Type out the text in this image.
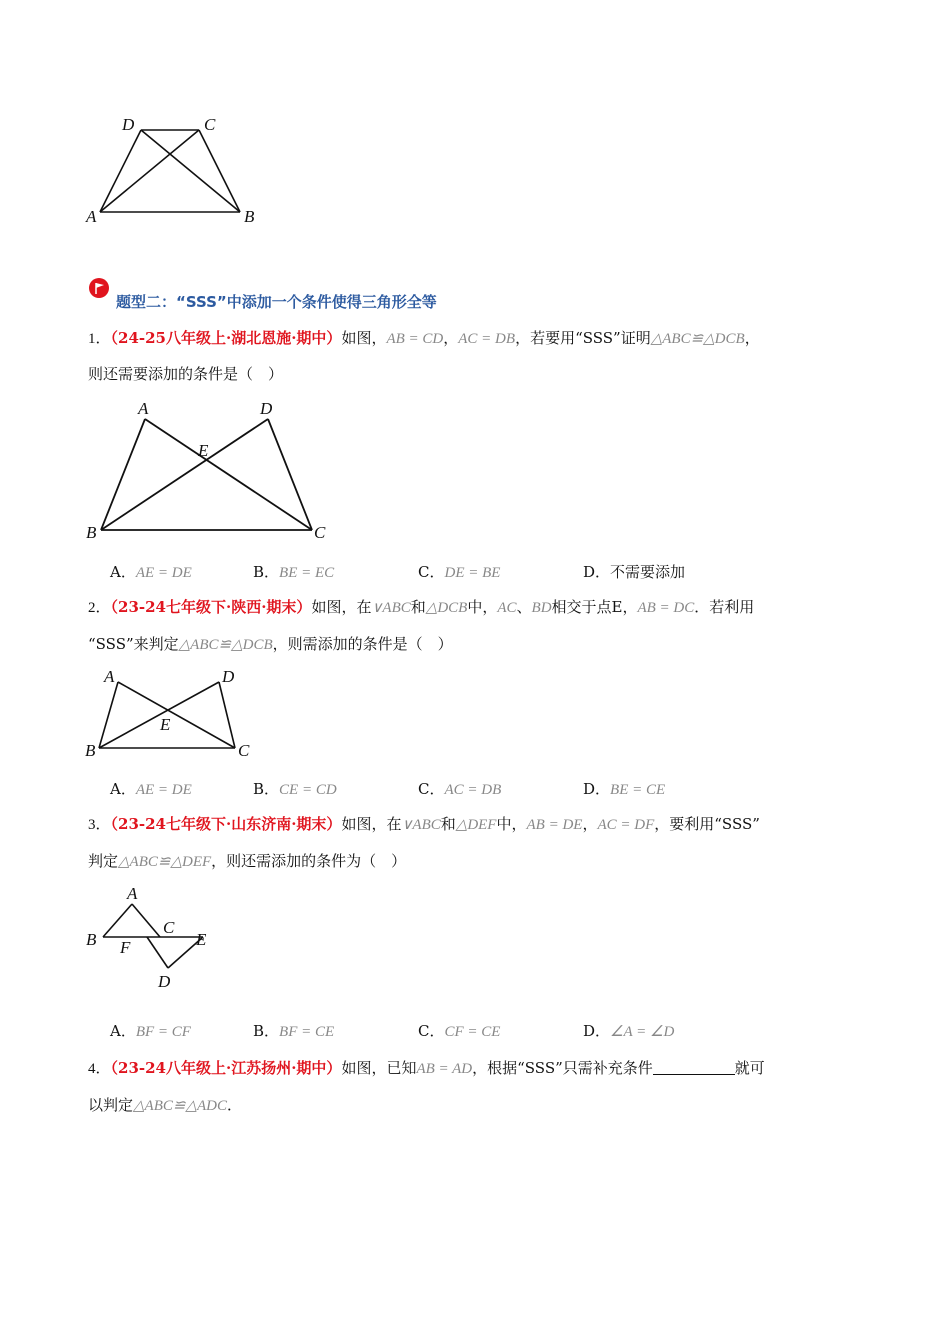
D	C
A	B
题型二：“SSS”中添加一个条件使得三角形全等
1．（24-25八年级上·湖北恩施·期中）如图，AB = CD，AC = DB，若要用“SSS”证明△ABC≌△DCB，
则还需要添加的条件是（　）
A	D
E
B	C
A．AE = DE	B．BE = EC	C．DE = BE	D．不需要添加
2．（23-24七年级下·陕西·期末）如图，在∨ABC和△DCB中，AC、BD相交于点E，AB = DC．若利用
“SSS”来判定△ABC≌△DCB，则需添加的条件是（　）
A	D
E
B	C
A．AE = DE	B．CE = CD	C．AC = DB	D．BE = CE
3．（23-24七年级下·山东济南·期末）如图，在∨ABC和△DEF中，AB = DE，AC = DF，要利用“SSS”
判定△ABC≌△DEF，则还需添加的条件为（　）
A
C
B	E
F
D
A．BF = CF	B．BF = CE	C．CF = CE	D．∠A = ∠D
4．（23-24八年级上·江苏扬州·期中）如图，已知AB = AD，根据“SSS”只需补充条件	就可
以判定△ABC≌△ADC．
